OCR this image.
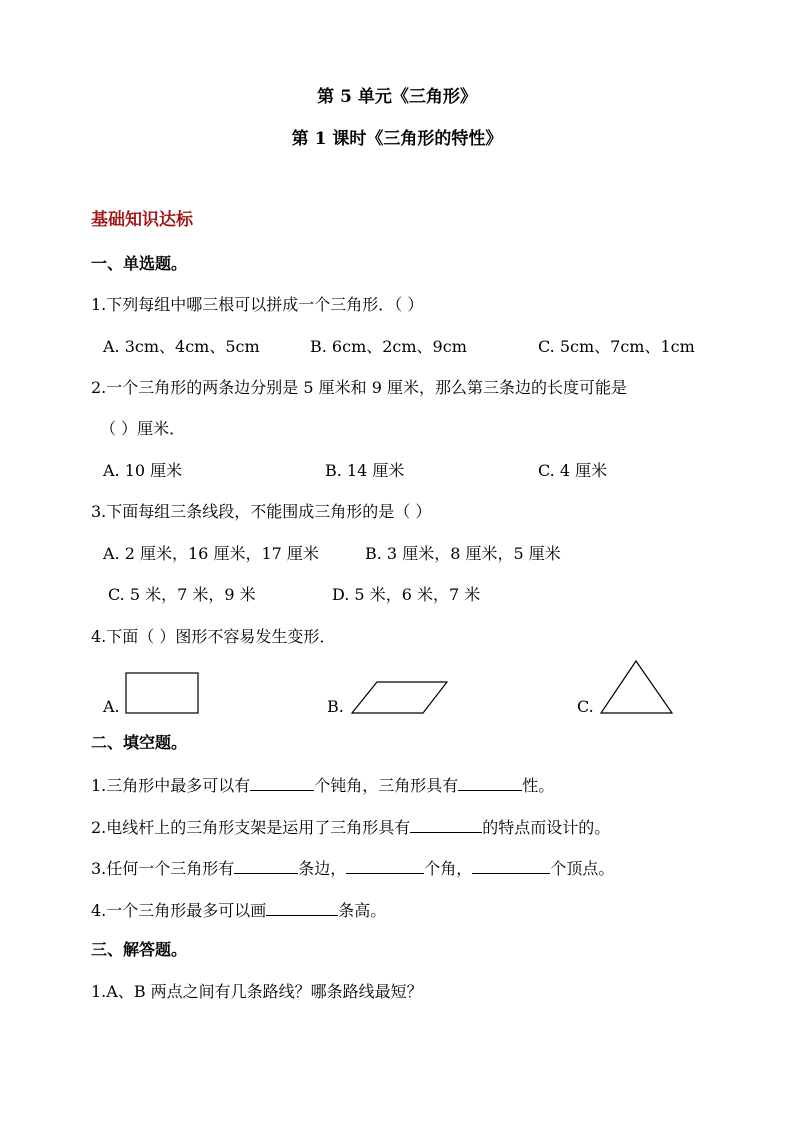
第 5 单元《三角形》
第 1 课时《三角形的特性》
基础知识达标
一、单选题。
1.下列每组中哪三根可以拼成一个三角形．（ ）
A. 3cm、4cm、5cm	B. 6cm、2cm、9cm	C. 5cm、7cm、1cm
2.一个三角形的两条边分别是 5 厘米和 9 厘米，那么第三条边的长度可能是
（ ）厘米．
A. 10 厘米	B. 14 厘米	C. 4 厘米
3.下面每组三条线段，不能围成三角形的是（ ）
A. 2 厘米，16 厘米，17 厘米	B. 3 厘米，8 厘米，5 厘米
C. 5 米，7 米，9 米	D. 5 米，6 米，7 米
4.下面（ ）图形不容易发生变形．
A.	B.	C.
二、填空题。
1.三角形中最多可以有	个钝角，三角形具有	性。
2.电线杆上的三角形支架是运用了三角形具有	的特点而设计的。
3.任何一个三角形有	条边，	个角，	个顶点。
4.一个三角形最多可以画	条高。
三、解答题。
1.A、B 两点之间有几条路线？哪条路线最短？
